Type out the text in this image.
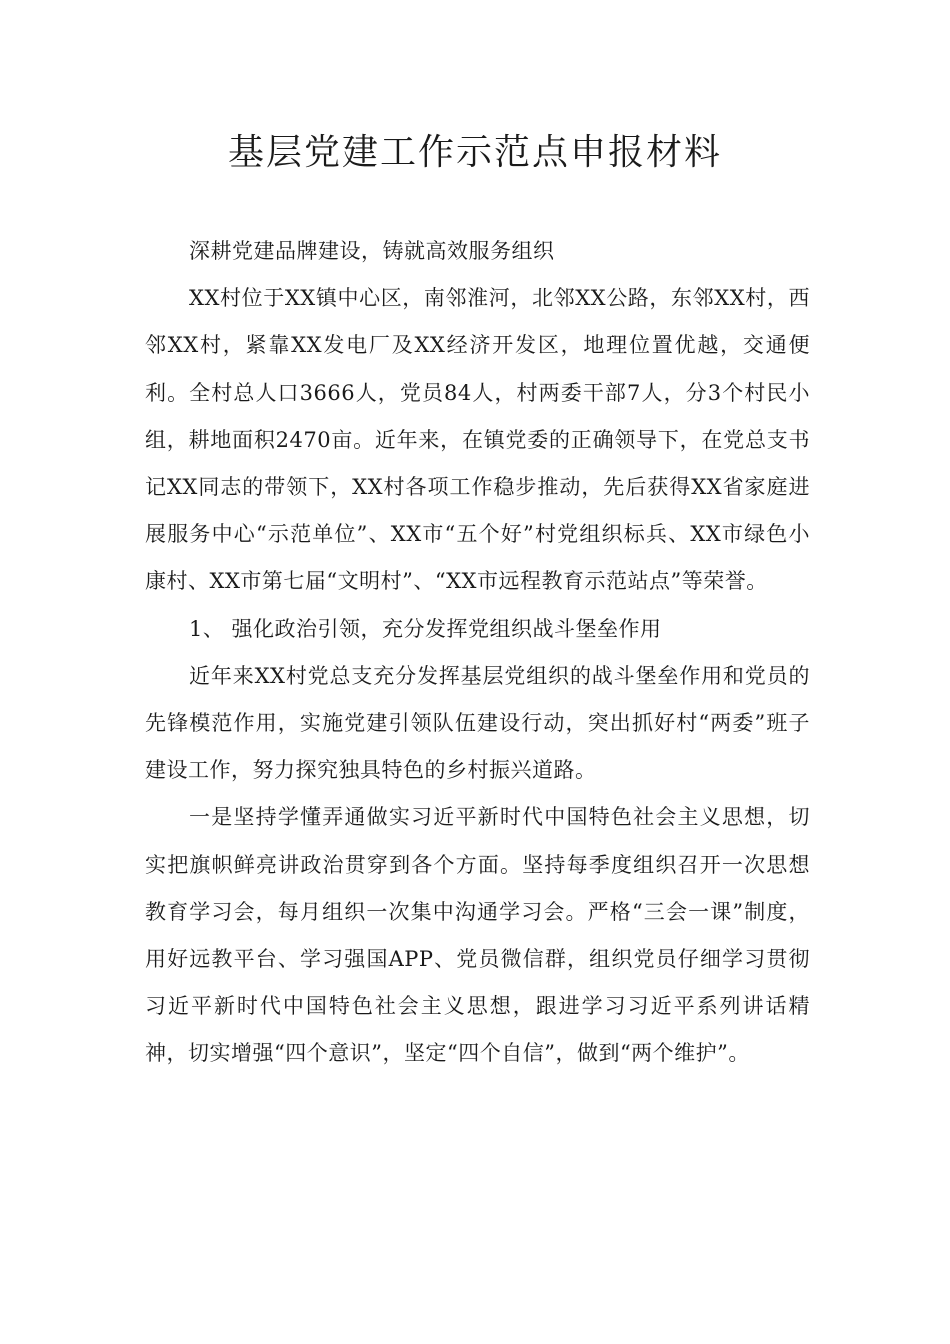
基层党建工作示范点申报材料

深耕党建品牌建设，铸就高效服务组织

XX村位于XX镇中心区，南邻淮河，北邻XX公路，东邻XX村，西邻XX村，紧靠XX发电厂及XX经济开发区，地理位置优越，交通便利。全村总人口3666人，党员84人，村两委干部7人，分3个村民小组，耕地面积2470亩。近年来，在镇党委的正确领导下，在党总支书记XX同志的带领下，XX村各项工作稳步推动，先后获得XX省家庭进展服务中心“示范单位”、XX市“五个好”村党组织标兵、XX市绿色小康村、XX市第七届“文明村”、“XX市远程教育示范站点”等荣誉。

1、 强化政治引领，充分发挥党组织战斗堡垒作用

近年来XX村党总支充分发挥基层党组织的战斗堡垒作用和党员的先锋模范作用，实施党建引领队伍建设行动，突出抓好村“两委”班子建设工作，努力探究独具特色的乡村振兴道路。

一是坚持学懂弄通做实习近平新时代中国特色社会主义思想，切实把旗帜鲜亮讲政治贯穿到各个方面。坚持每季度组织召开一次思想教育学习会，每月组织一次集中沟通学习会。严格“三会一课”制度，用好远教平台、学习强国APP、党员微信群，组织党员仔细学习贯彻习近平新时代中国特色社会主义思想，跟进学习习近平系列讲话精神，切实增强“四个意识”，坚定“四个自信”，做到“两个维护”。
